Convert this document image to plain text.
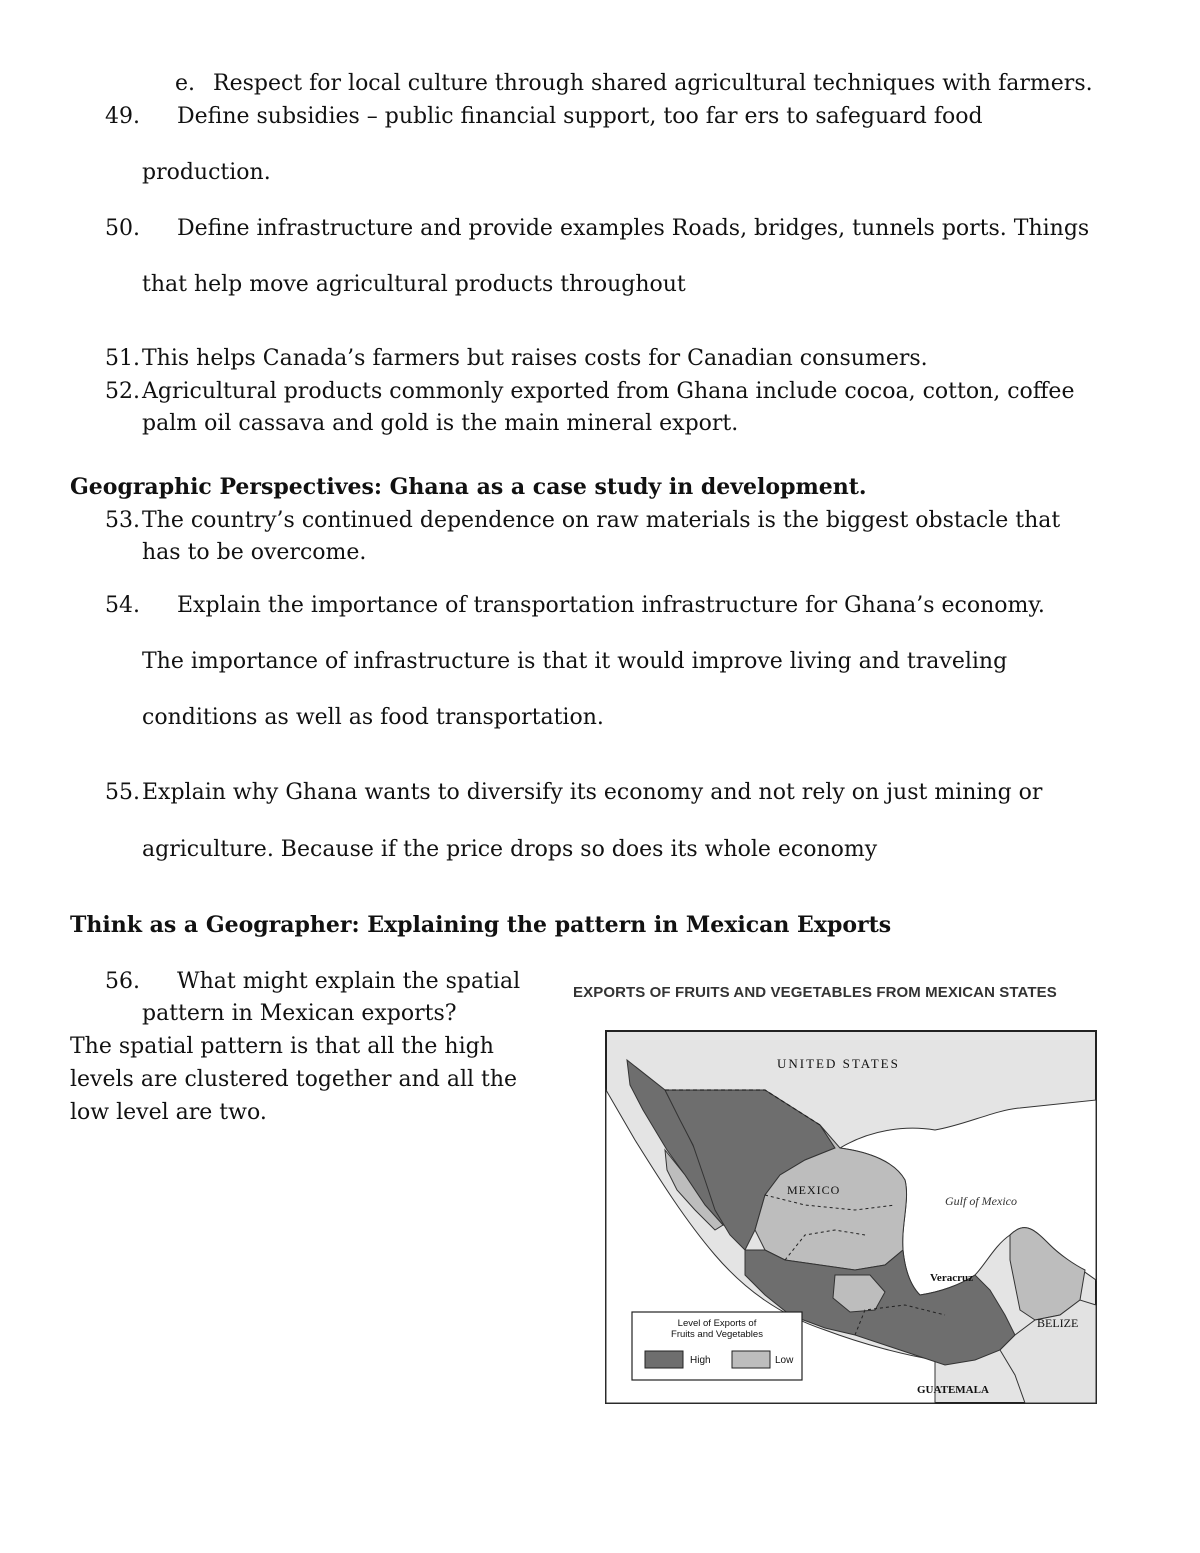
e. Respect for local culture through shared agricultural techniques with farmers.
49. Define subsidies – public financial support, too far ers to safeguard food
production.
50. Define infrastructure and provide examples Roads, bridges, tunnels ports. Things
that help move agricultural products throughout
51. This helps Canada’s farmers but raises costs for Canadian consumers.
52. Agricultural products commonly exported from Ghana include cocoa, cotton, coffee
palm oil cassava and gold is the main mineral export.
Geographic Perspectives: Ghana as a case study in development.
53. The country’s continued dependence on raw materials is the biggest obstacle that
has to be overcome.
54. Explain the importance of transportation infrastructure for Ghana’s economy.
The importance of infrastructure is that it would improve living and traveling
conditions as well as food transportation.
55. Explain why Ghana wants to diversify its economy and not rely on just mining or
agriculture. Because if the price drops so does its whole economy
Think as a Geographer: Explaining the pattern in Mexican Exports
56. What might explain the spatial
pattern in Mexican exports?
The spatial pattern is that all the high
levels are clustered together and all the
low level are two.
EXPORTS OF FRUITS AND VEGETABLES FROM MEXICAN STATES
UNITED STATES
MEXICO
Gulf of Mexico
Veracruz
BELIZE
GUATEMALA
Level of Exports of
Fruits and Vegetables
High	Low
